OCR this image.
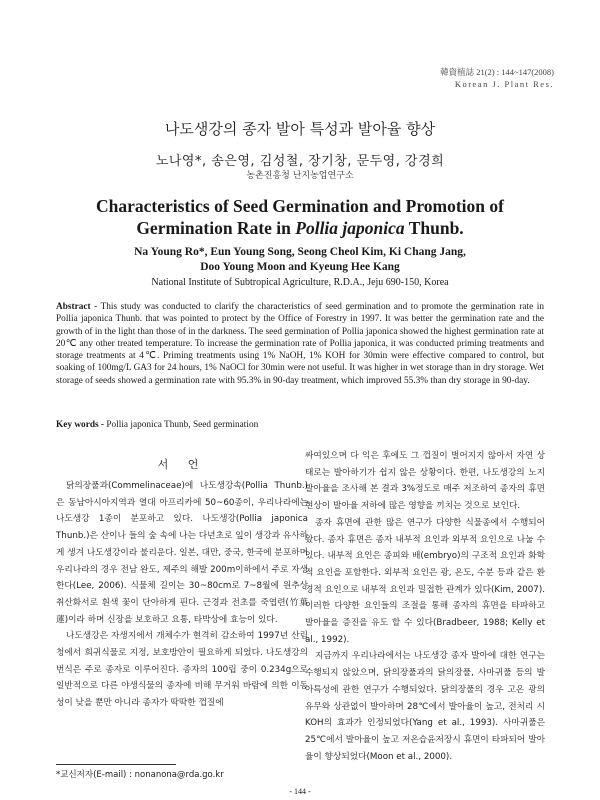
韓資植誌 21(2) : 144~147(2008)
Korean J. Plant Res.
나도생강의 종자 발아 특성과 발아율 향상
노나영*, 송은영, 김성철, 장기창, 문두영, 강경희
농촌진흥청 난지농업연구소
Characteristics of Seed Germination and Promotion of
Germination Rate in Pollia japonica Thunb.
Na Young Ro*, Eun Young Song, Seong Cheol Kim, Ki Chang Jang,
Doo Young Moon and Kyeung Hee Kang
National Institute of Subtropical Agriculture, R.D.A., Jeju 690-150, Korea
Abstract - This study was conducted to clarify the characteristics of seed germination and to promote the germination rate in Pollia japonica Thunb. that was pointed to protect by the Office of Forestry in 1997. It was better the germination rate and the growth of in the light than those of in the darkness. The seed germination of Pollia japonica showed the highest germination rate at 20℃ any other treated temperature. To increase the germination rate of Pollia japonica, it was conducted priming treatments and storage treatments at 4℃. Priming treatments using 1% NaOH, 1% KOH for 30min were effective compared to control, but soaking of 100mg/L GA3 for 24 hours, 1% NaOCl for 30min were not useful. It was higher in wet storage than in dry storage. Wet storage of seeds showed a germination rate with 95.3% in 90-day treatment, which improved 55.3% than dry storage in 90-day.
Key words - Pollia japonica Thunb, Seed germination
서 언

닭의장풀과(Commelinaceae)에 나도생강속(Pollia Thunb.)은 동남아시아지역과 열대 아프리카에 50~60종이, 우리나라에는 나도생강 1종이 분포하고 있다. 나도생강(Pollia japonica Thunb.)은 산이나 들의 숲 속에 나는 다년초로 잎이 생강과 유사하게 생겨 나도생강이라 불리운다. 일본, 대만, 중국, 한국에 분포하며 우리나라의 경우 전남 완도, 제주의 해발 200m이하에서 주로 자생한다(Lee, 2006). 식물체 길이는 30~80cm로 7~8월에 원추상 취산화서로 흰색 꽃이 단아하게 핀다. 근경과 전초를 죽엽련(竹葉蓮)이라 하며 신장을 보호하고 요통, 타박상에 효능이 있다.

나도생강은 자생지에서 개체수가 현격히 감소하여 1997년 산림청에서 희귀식물로 지정, 보호방안이 필요하게 되었다. 나도생강의 번식은 주로 종자로 이루어진다. 종자의 100립 중이 0.234g으로 일반적으로 다른 야생식물의 종자에 비해 무거워 바람에 의한 이동성이 낮을 뿐만 아니라 종자가 딱딱한 껍질에

싸여있으며 다 익은 후에도 그 껍질이 벌어지지 않아서 자연 상태로는 발아하기가 쉽지 않은 상황이다. 한편, 나도생강의 노지 발아율을 조사해 본 결과 3%정도로 매주 저조하여 종자의 휴면 현상이 발아율 저하에 많은 영향을 끼치는 것으로 보인다.

종자 휴면에 관한 많은 연구가 다양한 식물종에서 수행되어 왔다. 종자 휴면은 종자 내부적 요인과 외부적 요인으로 나눌 수 있다. 내부적 요인은 종피와 배(embryo)의 구조적 요인과 화학적 요인을 포함한다. 외부적 요인은 광, 온도, 수분 등과 같은 환경적 요인으로 내부적 요인과 밀접한 관계가 있다(Kim, 2007). 이러한 다양한 요인들의 조절을 통해 종자의 휴면을 타파하고 발아율을 증진을 유도 할 수 있다(Bradbeer, 1988; Kelly et al., 1992).

지금까지 우리나라에서는 나도생강 종자 발아에 대한 연구는 수행되지 않았으며, 닭의장풀과의 닭의장풀, 사마귀풀 등의 발아특성에 관한 연구가 수행되었다. 닭의장풀의 경우 고온 광의 유무와 상관없이 발아하며 28℃에서 발아율이 높고, 전처리 시 KOH의 효과가 인정되었다(Yang et al., 1993). 사마귀풀은 25℃에서 발아율이 높고 저온습윤저장시 휴면이 타파되어 발아율이 향상되었다(Moon et al., 2000).

*교신저자(E-mail) : nonanona@rda.go.kr
- 144 -
